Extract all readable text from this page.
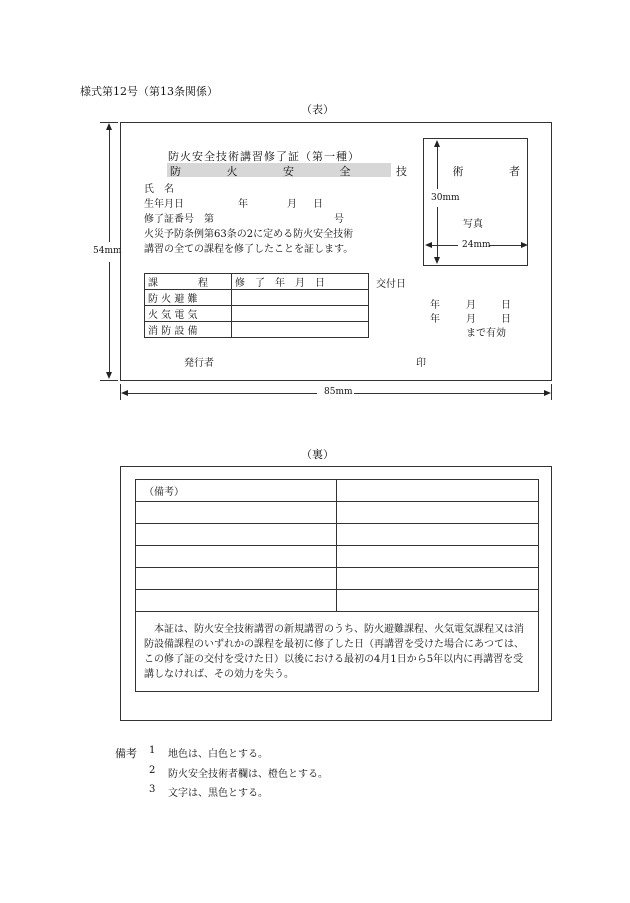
様式第12号（第13条関係）
（表）
54mm
防火安全技術講習修了証（第一種）
防 火 安 全 技 術 者
氏　名
生年月日	年	月 日
修了証番号　第	号
火災予防条例第63条の2に定める防火安全技術
講習の全ての課程を修了したことを証します。
課　　　　程	修　了　年　月　日
防 火 避 難	
火 気 電 気	
消 防 設 備	
交付日
年	月	日
年	月	日
まで有効
発行者	印
30mm
写真
24mm
85mm
（裏）
（備考）	

本証は、防火安全技術講習の新規講習のうち、防火避難課程、火気電気課程又は消防設備課程のいずれかの課程を最初に修了した日（再講習を受けた場合にあつては、この修了証の交付を受けた日）以後における最初の4月1日から5年以内に再講習を受講しなければ、その効力を失う。	
備考 1 地色は、白色とする。
2 防火安全技術者欄は、橙色とする。
3 文字は、黒色とする。
